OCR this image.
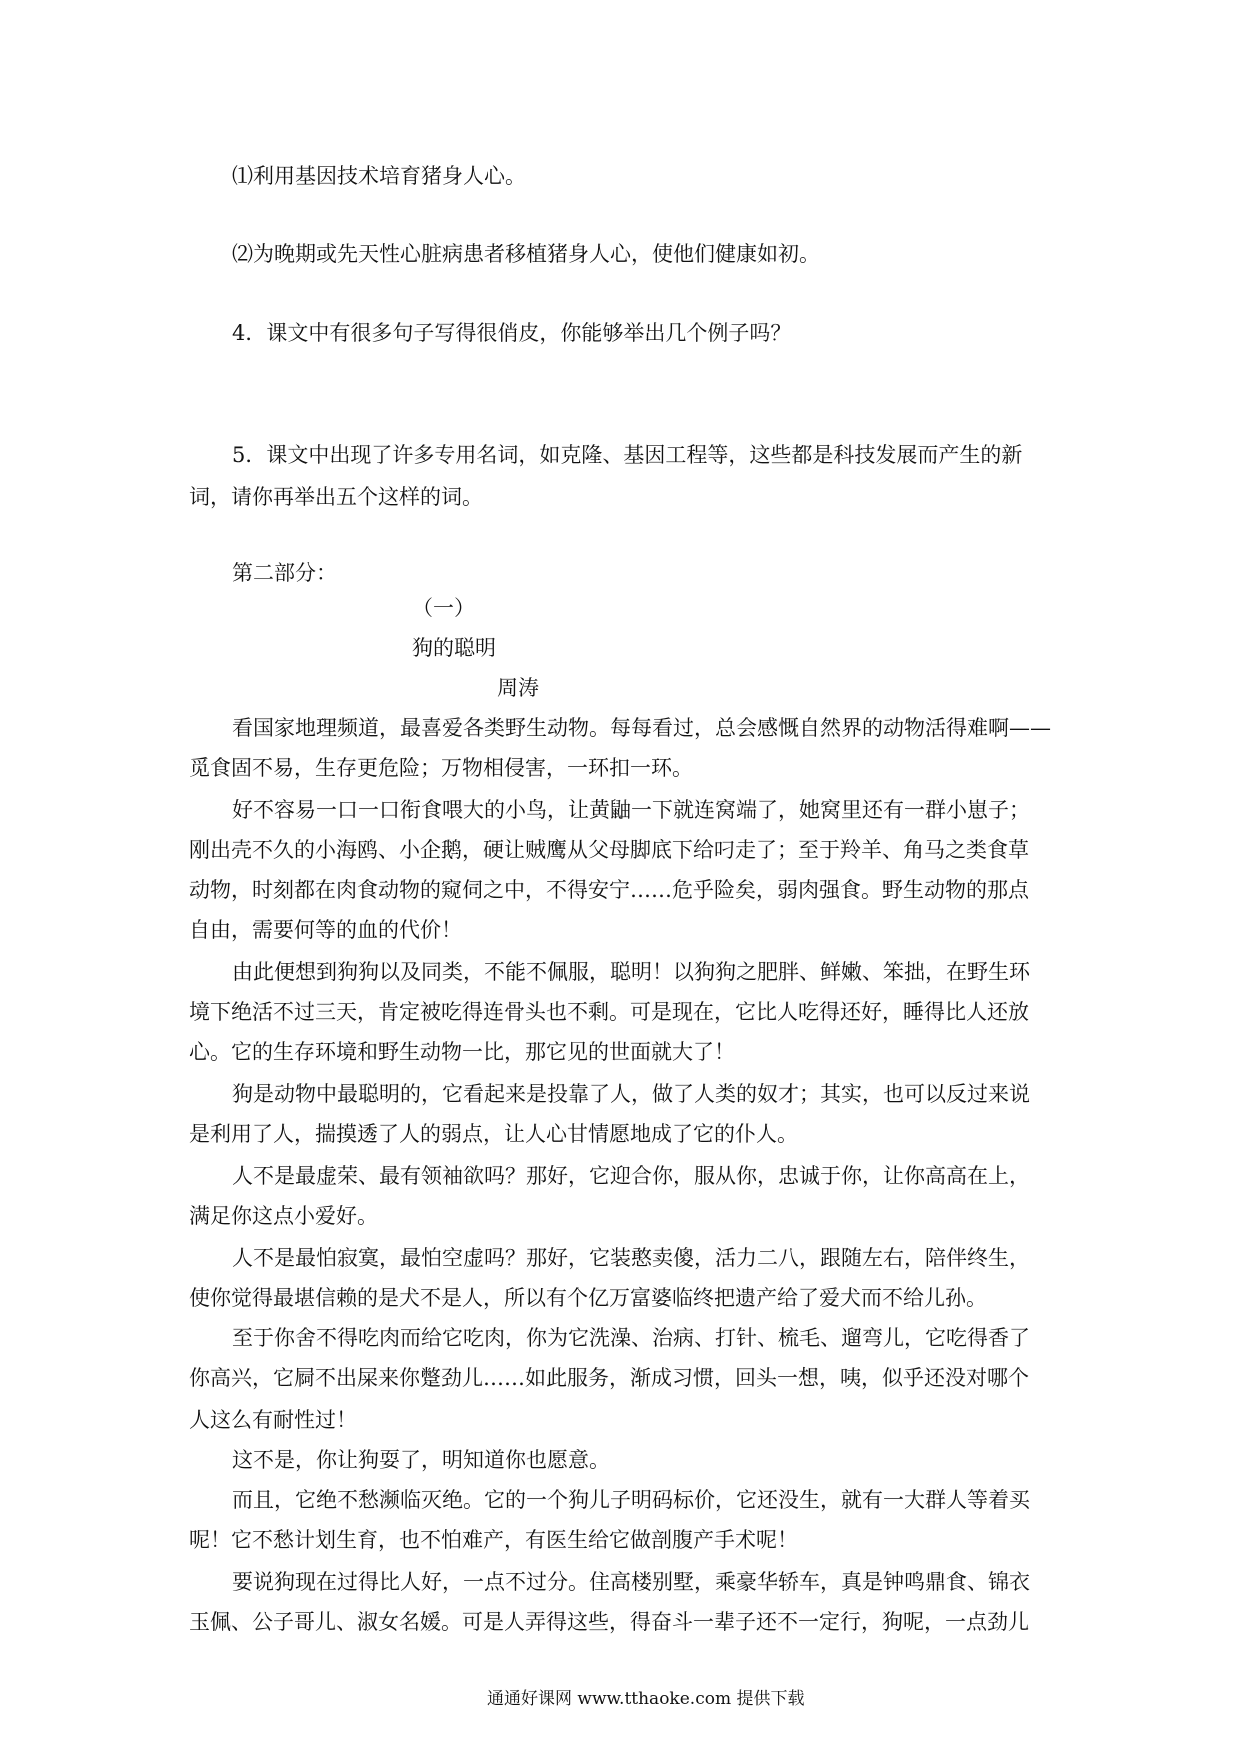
⑴利用基因技术培育猪身人心。
⑵为晚期或先天性心脏病患者移植猪身人心，使他们健康如初。
4．课文中有很多句子写得很俏皮，你能够举出几个例子吗？
5．课文中出现了许多专用名词，如克隆、基因工程等，这些都是科技发展而产生的新
词，请你再举出五个这样的词。
第二部分：
（一）
狗的聪明
周涛
看国家地理频道，最喜爱各类野生动物。每每看过，总会感慨自然界的动物活得难啊——
觅食固不易，生存更危险；万物相侵害，一环扣一环。
好不容易一口一口衔食喂大的小鸟，让黄鼬一下就连窝端了，她窝里还有一群小崽子；
刚出壳不久的小海鸥、小企鹅，硬让贼鹰从父母脚底下给叼走了；至于羚羊、角马之类食草
动物，时刻都在肉食动物的窥伺之中，不得安宁……危乎险矣，弱肉强食。野生动物的那点
自由，需要何等的血的代价！
由此便想到狗狗以及同类，不能不佩服，聪明！以狗狗之肥胖、鲜嫩、笨拙，在野生环
境下绝活不过三天，肯定被吃得连骨头也不剩。可是现在，它比人吃得还好，睡得比人还放
心。它的生存环境和野生动物一比，那它见的世面就大了！
狗是动物中最聪明的，它看起来是投靠了人，做了人类的奴才；其实，也可以反过来说
是利用了人，揣摸透了人的弱点，让人心甘情愿地成了它的仆人。
人不是最虚荣、最有领袖欲吗？那好，它迎合你，服从你，忠诚于你，让你高高在上，
满足你这点小爱好。
人不是最怕寂寞，最怕空虚吗？那好，它装憨卖傻，活力二八，跟随左右，陪伴终生，
使你觉得最堪信赖的是犬不是人，所以有个亿万富婆临终把遗产给了爱犬而不给儿孙。
至于你舍不得吃肉而给它吃肉，你为它洗澡、治病、打针、梳毛、遛弯儿，它吃得香了
你高兴，它屙不出屎来你蹩劲儿……如此服务，渐成习惯，回头一想，咦，似乎还没对哪个
人这么有耐性过！
这不是，你让狗耍了，明知道你也愿意。
而且，它绝不愁濒临灭绝。它的一个狗儿子明码标价，它还没生，就有一大群人等着买
呢！它不愁计划生育，也不怕难产，有医生给它做剖腹产手术呢！
要说狗现在过得比人好，一点不过分。住高楼别墅，乘豪华轿车，真是钟鸣鼎食、锦衣
玉佩、公子哥儿、淑女名媛。可是人弄得这些，得奋斗一辈子还不一定行，狗呢，一点劲儿
通通好课网 www.tthaoke.com 提供下载
